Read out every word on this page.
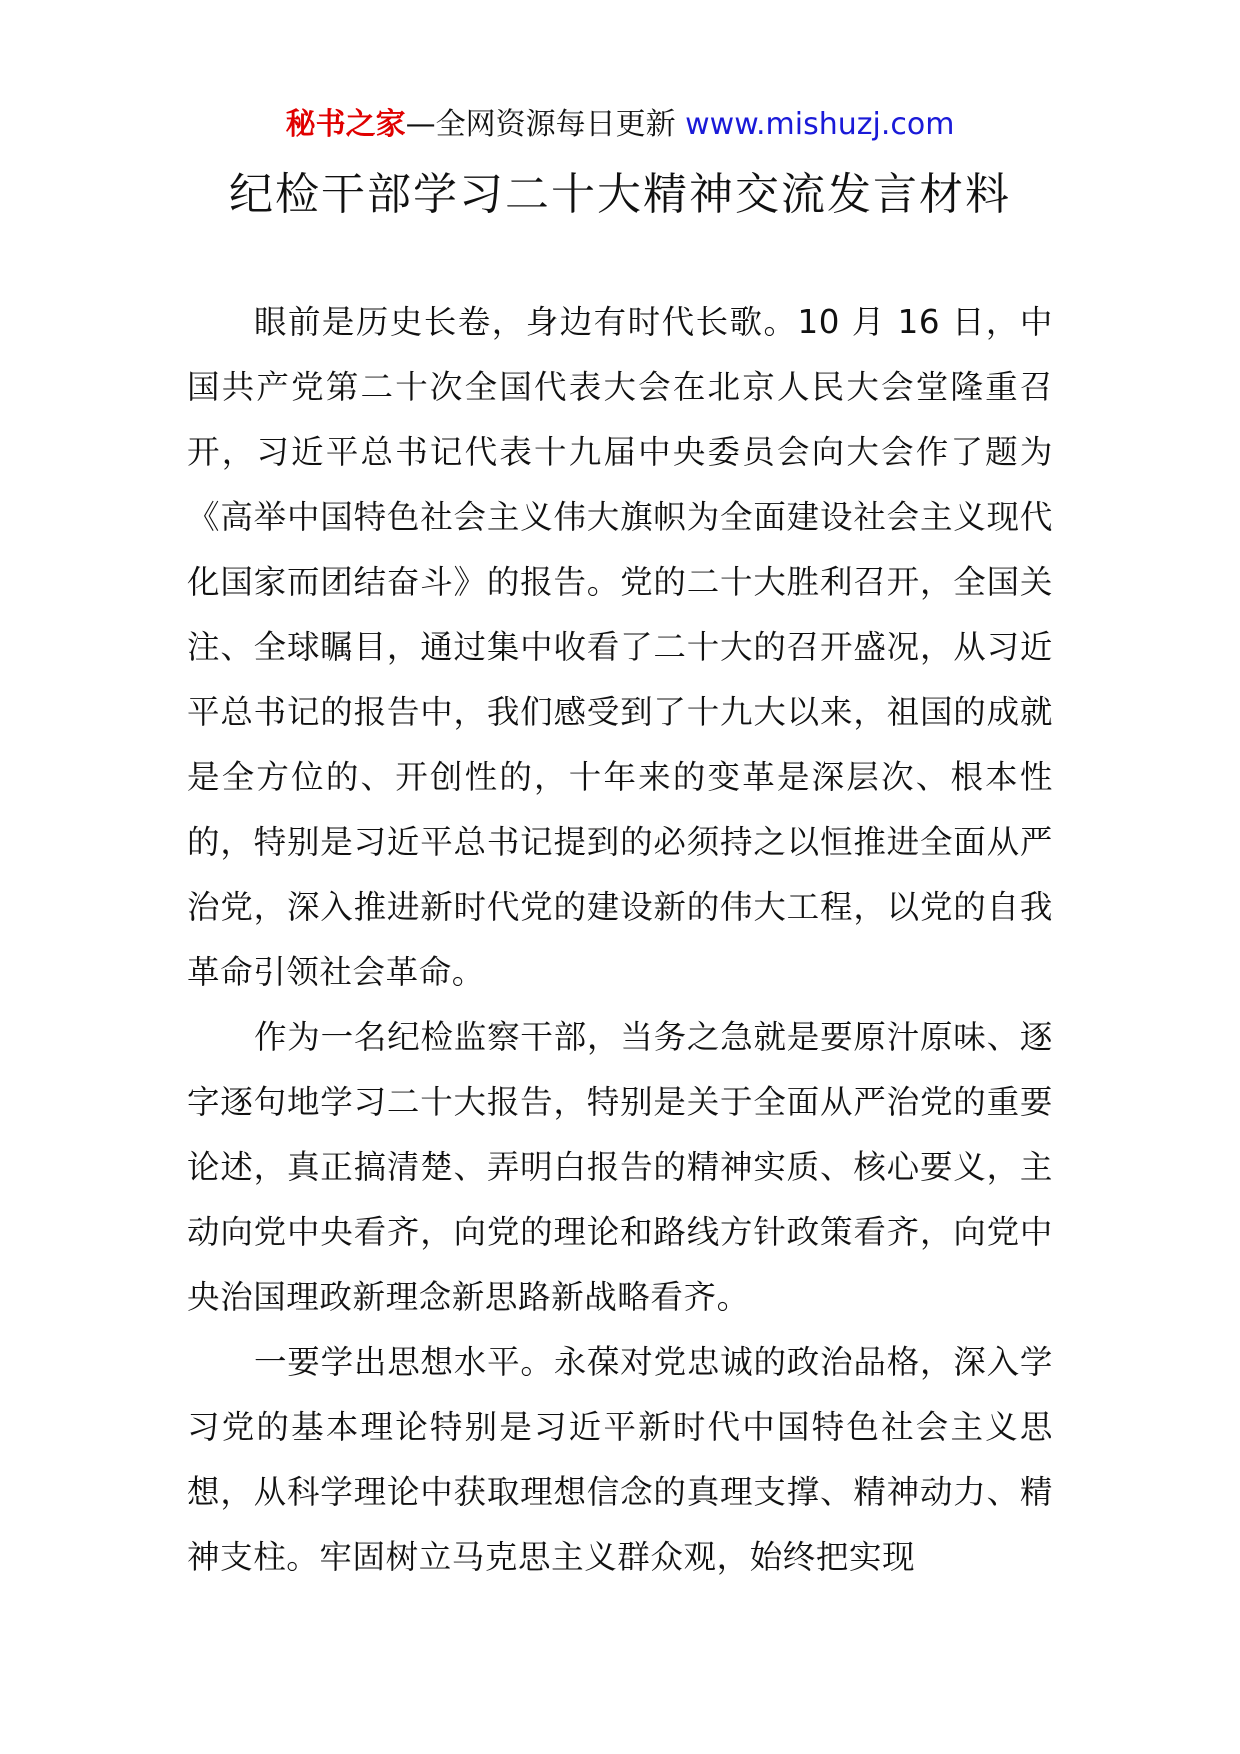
秘书之家—全网资源每日更新 www.mishuzj.com
纪检干部学习二十大精神交流发言材料

眼前是历史长卷，身边有时代长歌。10 月 16 日，中国共产党第二十次全国代表大会在北京人民大会堂隆重召开，习近平总书记代表十九届中央委员会向大会作了题为《高举中国特色社会主义伟大旗帜为全面建设社会主义现代化国家而团结奋斗》的报告。党的二十大胜利召开，全国关注、全球瞩目，通过集中收看了二十大的召开盛况，从习近平总书记的报告中，我们感受到了十九大以来，祖国的成就是全方位的、开创性的，十年来的变革是深层次、根本性的，特别是习近平总书记提到的必须持之以恒推进全面从严治党，深入推进新时代党的建设新的伟大工程，以党的自我革命引领社会革命。

作为一名纪检监察干部，当务之急就是要原汁原味、逐字逐句地学习二十大报告，特别是关于全面从严治党的重要论述，真正搞清楚、弄明白报告的精神实质、核心要义，主动向党中央看齐，向党的理论和路线方针政策看齐，向党中央治国理政新理念新思路新战略看齐。

一要学出思想水平。永葆对党忠诚的政治品格，深入学习党的基本理论特别是习近平新时代中国特色社会主义思想，从科学理论中获取理想信念的真理支撑、精神动力、精神支柱。牢固树立马克思主义群众观，始终把实现
